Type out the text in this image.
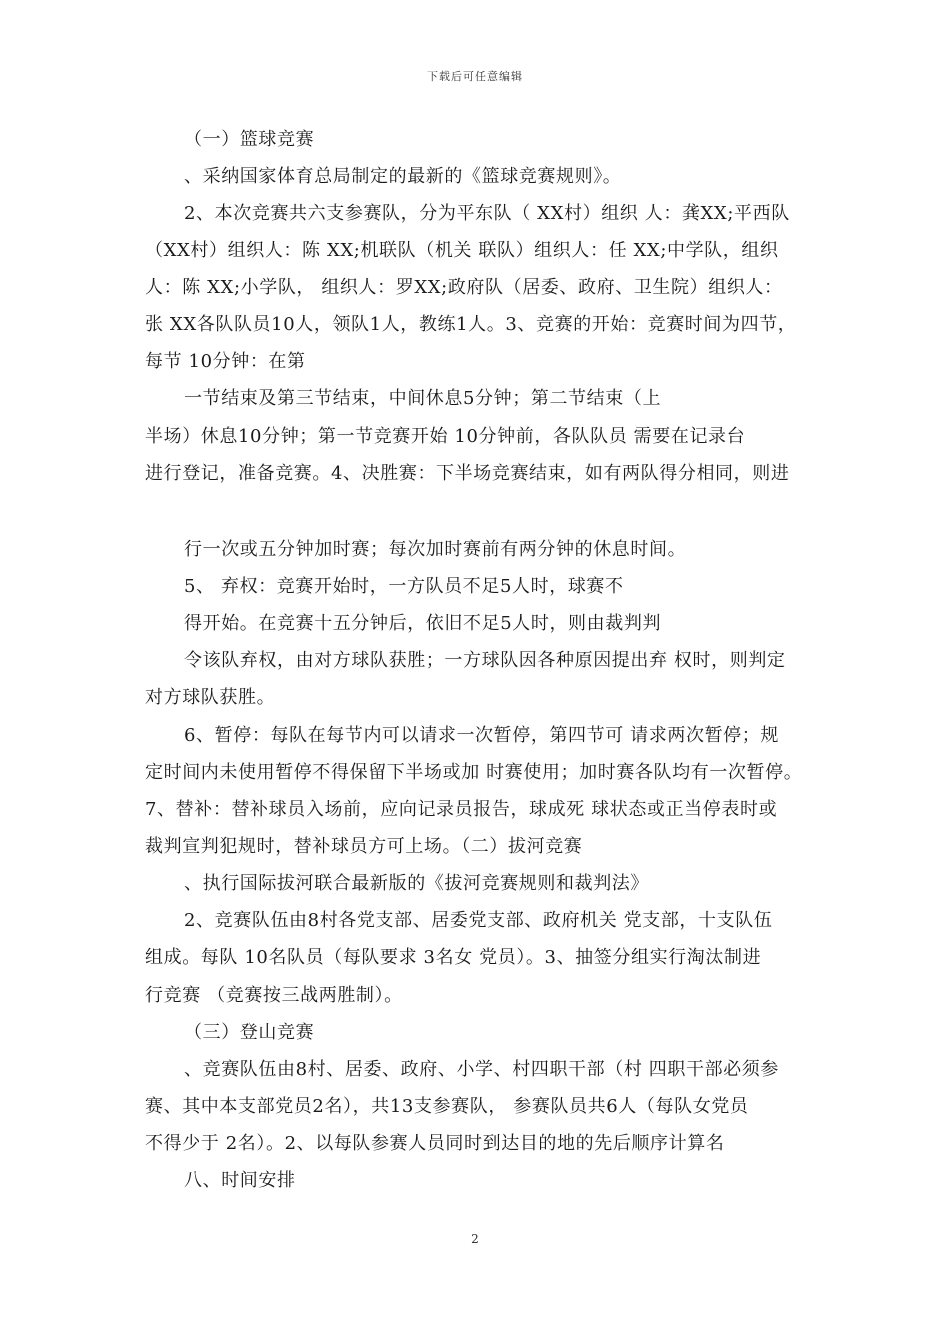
下载后可任意编辑
（一）篮球竞赛
、采纳国家体育总局制定的最新的《篮球竞赛规则》。
2、本次竞赛共六支参赛队，分为平东队（ XX村）组织 人：龚XX;平西队
（XX村）组织人：陈 XX;机联队（机关 联队）组织人：任 XX;中学队，组织
人：陈 XX;小学队， 组织人：罗XX;政府队（居委、政府、卫生院）组织人：
张 XX各队队员10人，领队1人，教练1人。3、竞赛的开始：竞赛时间为四节，
每节 10分钟：在第
一节结束及第三节结束，中间休息5分钟；第二节结束（上
半场）休息10分钟；第一节竞赛开始 10分钟前，各队队员 需要在记录台
进行登记，准备竞赛。4、决胜赛：下半场竞赛结束，如有两队得分相同，则进
行一次或五分钟加时赛；每次加时赛前有两分钟的休息时间。
5、 弃权：竞赛开始时，一方队员不足5人时，球赛不
得开始。在竞赛十五分钟后，依旧不足5人时，则由裁判判
令该队弃权，由对方球队获胜；一方球队因各种原因提出弃 权时，则判定
对方球队获胜。
6、暂停：每队在每节内可以请求一次暂停，第四节可 请求两次暂停；规
定时间内未使用暂停不得保留下半场或加 时赛使用；加时赛各队均有一次暂停。
7、替补：替补球员入场前，应向记录员报告，球成死 球状态或正当停表时或
裁判宣判犯规时，替补球员方可上场。（二）拔河竞赛
、执行国际拔河联合最新版的《拔河竞赛规则和裁判法》
2、竞赛队伍由8村各党支部、居委党支部、政府机关 党支部，十支队伍
组成。每队 10名队员（每队要求 3名女 党员）。3、抽签分组实行淘汰制进
行竞赛 （竞赛按三战两胜制）。
（三）登山竞赛
、竞赛队伍由8村、居委、政府、小学、村四职干部（村 四职干部必须参
赛、其中本支部党员2名），共13支参赛队， 参赛队员共6人（每队女党员
不得少于 2名）。2、以每队参赛人员同时到达目的地的先后顺序计算名
八、时间安排
2
